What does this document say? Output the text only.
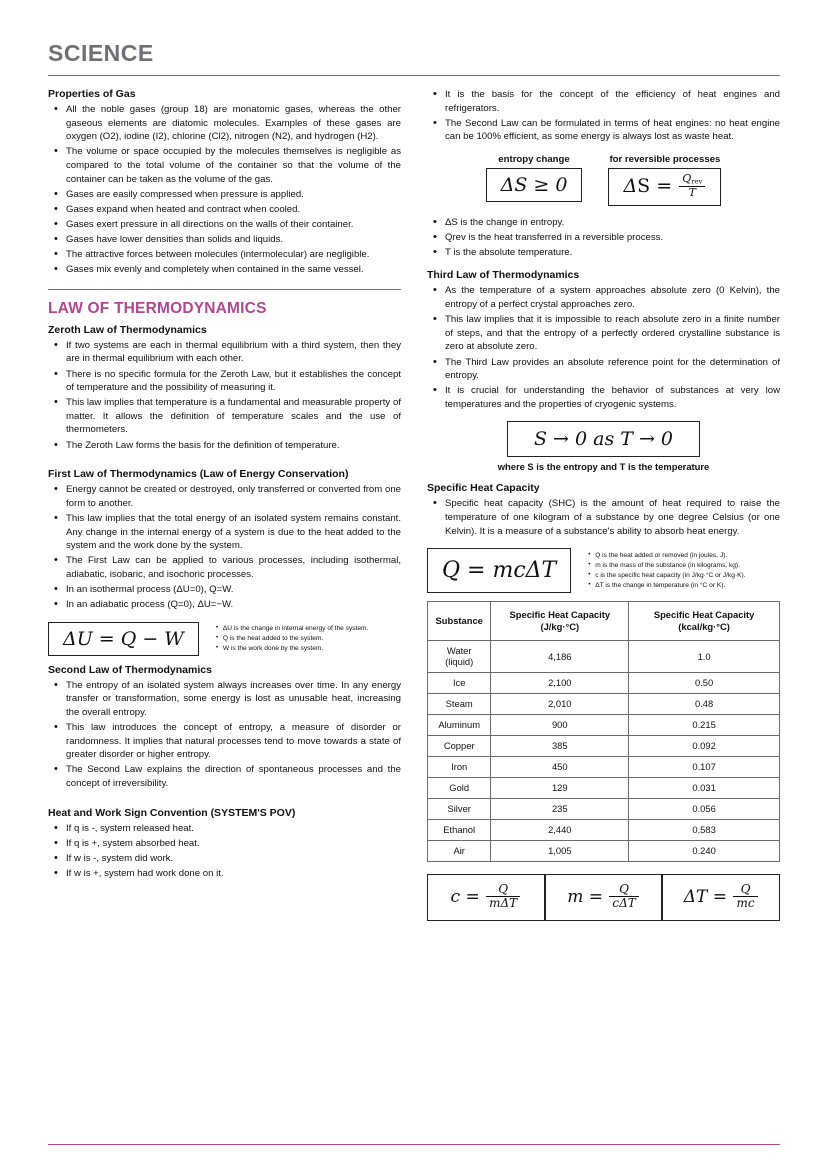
SCIENCE
Properties of Gas
• All the noble gases (group 18) are monatomic gases, whereas the other gaseous elements are diatomic molecules. Examples of these gases are oxygen (O2), iodine (I2), chlorine (Cl2), nitrogen (N2), and hydrogen (H2).
• The volume or space occupied by the molecules themselves is negligible as compared to the total volume of the container so that the volume of the container can be taken as the volume of the gas.
• Gases are easily compressed when pressure is applied.
• Gases expand when heated and contract when cooled.
• Gases exert pressure in all directions on the walls of their container.
• Gases have lower densities than solids and liquids.
• The attractive forces between molecules (intermolecular) are negligible.
• Gases mix evenly and completely when contained in the same vessel.
LAW OF THERMODYNAMICS
Zeroth Law of Thermodynamics
• If two systems are each in thermal equilibrium with a third system, then they are in thermal equilibrium with each other.
• There is no specific formula for the Zeroth Law, but it establishes the concept of temperature and the possibility of measuring it.
• This law implies that temperature is a fundamental and measurable property of matter. It allows the definition of temperature scales and the use of thermometers.
• The Zeroth Law forms the basis for the definition of temperature.
First Law of Thermodynamics (Law of Energy Conservation)
• Energy cannot be created or destroyed, only transferred or converted from one form to another.
• This law implies that the total energy of an isolated system remains constant. Any change in the internal energy of a system is due to the heat added to the system and the work done by the system.
• The First Law can be applied to various processes, including isothermal, adiabatic, isobaric, and isochoric processes.
• In an isothermal process (ΔU=0), Q=W.
• In an adiabatic process (Q=0), ΔU=−W.
ΔU = Q − W	• ΔU is the change in internal energy of the system.
• Q is the heat added to the system.
• W is the work done by the system.
Second Law of Thermodynamics
• The entropy of an isolated system always increases over time. In any energy transfer or transformation, some energy is lost as unusable heat, increasing the overall entropy.
• This law introduces the concept of entropy, a measure of disorder or randomness. It implies that natural processes tend to move towards a state of greater disorder or higher entropy.
• The Second Law explains the direction of spontaneous processes and the concept of irreversibility.
Heat and Work Sign Convention (SYSTEM'S POV)
• If q is -, system released heat.
• If q is +, system absorbed heat.
• If w is -, system did work.
• If w is +, system had work done on it.
• It is the basis for the concept of the efficiency of heat engines and refrigerators.
• The Second Law can be formulated in terms of heat engines: no heat engine can be 100% efficient, as some energy is always lost as waste heat.
entropy change
ΔS ≥ 0
for reversible processes
$\Delta S = \frac{Q_{rev}}{T}$
• ΔS is the change in entropy.
• Qrev is the heat transferred in a reversible process.
• T is the absolute temperature.
Third Law of Thermodynamics
• As the temperature of a system approaches absolute zero (0 Kelvin), the entropy of a perfect crystal approaches zero.
• This law implies that it is impossible to reach absolute zero in a finite number of steps, and that the entropy of a perfectly ordered crystalline substance is zero at absolute zero.
• The Third Law provides an absolute reference point for the determination of entropy.
• It is crucial for understanding the behavior of substances at very low temperatures and the properties of cryogenic systems.
S → 0 as T → 0
where S is the entropy and T is the temperature
Specific Heat Capacity
• Specific heat capacity (SHC) is the amount of heat required to raise the temperature of one kilogram of a substance by one degree Celsius (or one Kelvin). It is a measure of a substance's ability to absorb heat energy.
Q = mcΔT
• Q is the heat added or removed (in joules, J).
• m is the mass of the substance (in kilograms, kg).
• c is the specific heat capacity (in J/kg·°C or J/kg·K).
• ΔT is the change in temperature (in °C or K).
Substance	Specific Heat Capacity (J/kg·°C)	Specific Heat Capacity (kcal/kg·°C)
Water (liquid)	4,186	1.0
Ice	2,100	0.50
Steam	2,010	0.48
Aluminum	900	0.215
Copper	385	0.092
Iron	450	0.107
Gold	129	0.031
Silver	235	0.056
Ethanol	2,440	0.583
Air	1,005	0.240
$c = \frac{Q}{\text{mΔT}}$	$m = \frac{Q}{\text{cΔT}}$	$\Delta T = \frac{Q}{mc}$
